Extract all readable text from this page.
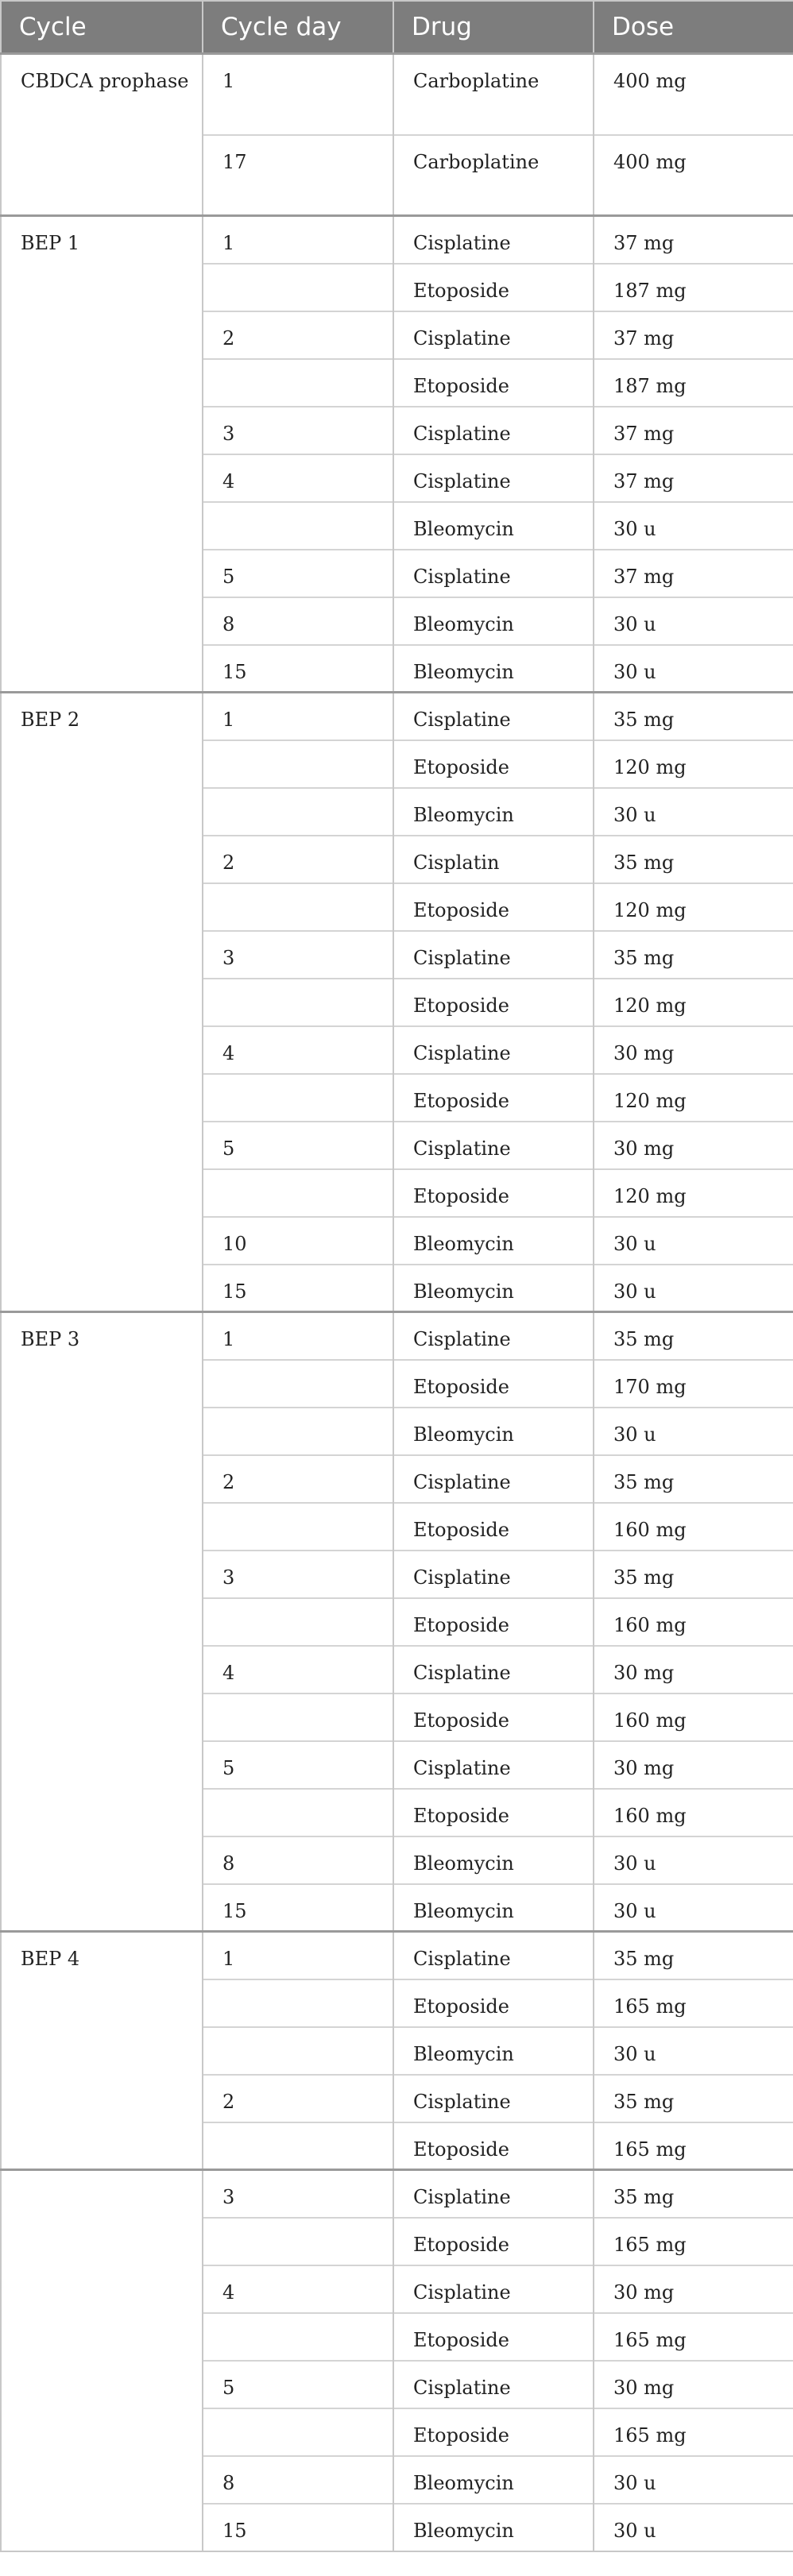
Cycle	Cycle day	Drug	Dose
CBDCA prophase	1	Carboplatine	400 mg
	17	Carboplatine	400 mg
BEP 1	1	Cisplatine	37 mg
		Etoposide	187 mg
	2	Cisplatine	37 mg
		Etoposide	187 mg
	3	Cisplatine	37 mg
	4	Cisplatine	37 mg
		Bleomycin	30 u
	5	Cisplatine	37 mg
	8	Bleomycin	30 u
	15	Bleomycin	30 u
BEP 2	1	Cisplatine	35 mg
		Etoposide	120 mg
		Bleomycin	30 u
	2	Cisplatin	35 mg
		Etoposide	120 mg
	3	Cisplatine	35 mg
		Etoposide	120 mg
	4	Cisplatine	30 mg
		Etoposide	120 mg
	5	Cisplatine	30 mg
		Etoposide	120 mg
	10	Bleomycin	30 u
	15	Bleomycin	30 u
BEP 3	1	Cisplatine	35 mg
		Etoposide	170 mg
		Bleomycin	30 u
	2	Cisplatine	35 mg
		Etoposide	160 mg
	3	Cisplatine	35 mg
		Etoposide	160 mg
	4	Cisplatine	30 mg
		Etoposide	160 mg
	5	Cisplatine	30 mg
		Etoposide	160 mg
	8	Bleomycin	30 u
	15	Bleomycin	30 u
BEP 4	1	Cisplatine	35 mg
		Etoposide	165 mg
		Bleomycin	30 u
	2	Cisplatine	35 mg
		Etoposide	165 mg
	3	Cisplatine	35 mg
		Etoposide	165 mg
	4	Cisplatine	30 mg
		Etoposide	165 mg
	5	Cisplatine	30 mg
		Etoposide	165 mg
	8	Bleomycin	30 u
	15	Bleomycin	30 u
